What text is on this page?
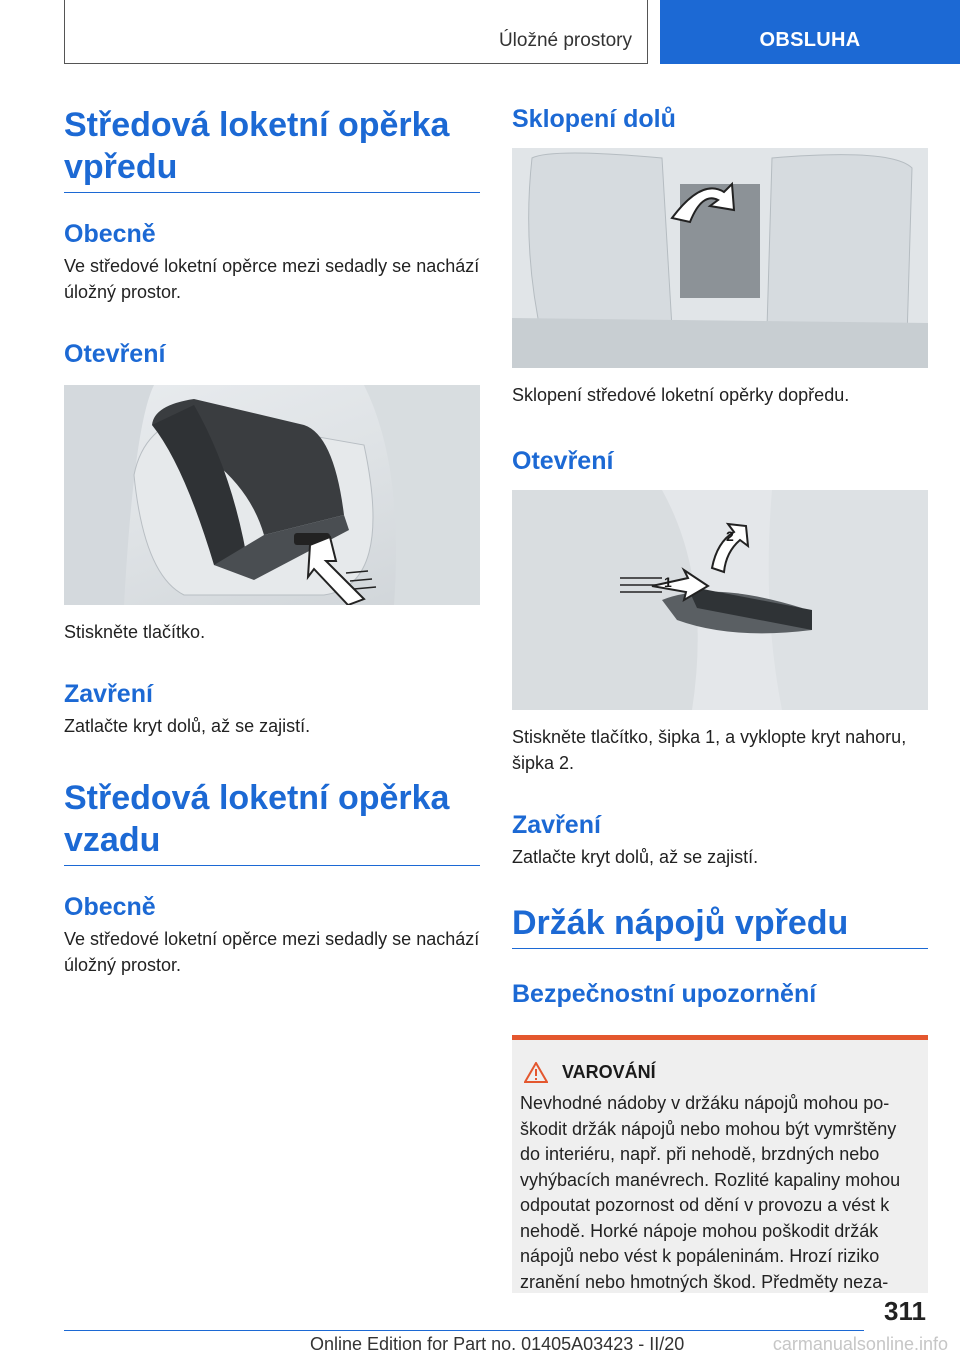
Úložné prostory	OBSLUHA
Středová loketní opěrka vpředu
Obecně

Ve středové loketní opěrce mezi sedadly se nachází úložný prostor.

Otevření

Stiskněte tlačítko.

Zavření

Zatlačte kryt dolů, až se zajistí.

Středová loketní opěrka vzadu
Obecně

Ve středové loketní opěrce mezi sedadly se nachází úložný prostor.

Sklopení dolů

Sklopení středové loketní opěrky dopředu.

Otevření
1
2

Stiskněte tlačítko, šipka 1, a vyklopte kryt nahoru, šipka 2.

Zavření

Zatlačte kryt dolů, až se zajistí.

Držák nápojů vpředu
Bezpečnostní upozornění
VAROVÁNÍ

Nevhodné nádoby v držáku nápojů mohou poškodit držák nápojů nebo mohou být vymrštěny do interiéru, např. při nehodě, brzdných nebo vyhýbacích manévrech. Rozlité kapaliny mohou odpoutat pozornost od dění v provozu a vést k nehodě. Horké nápoje mohou poškodit držák nápojů nebo vést k popáleninám. Hrozí riziko zranění nebo hmotných škod. Předměty neza-

311
Online Edition for Part no. 01405A03423 - II/20	carmanualsonline.info
